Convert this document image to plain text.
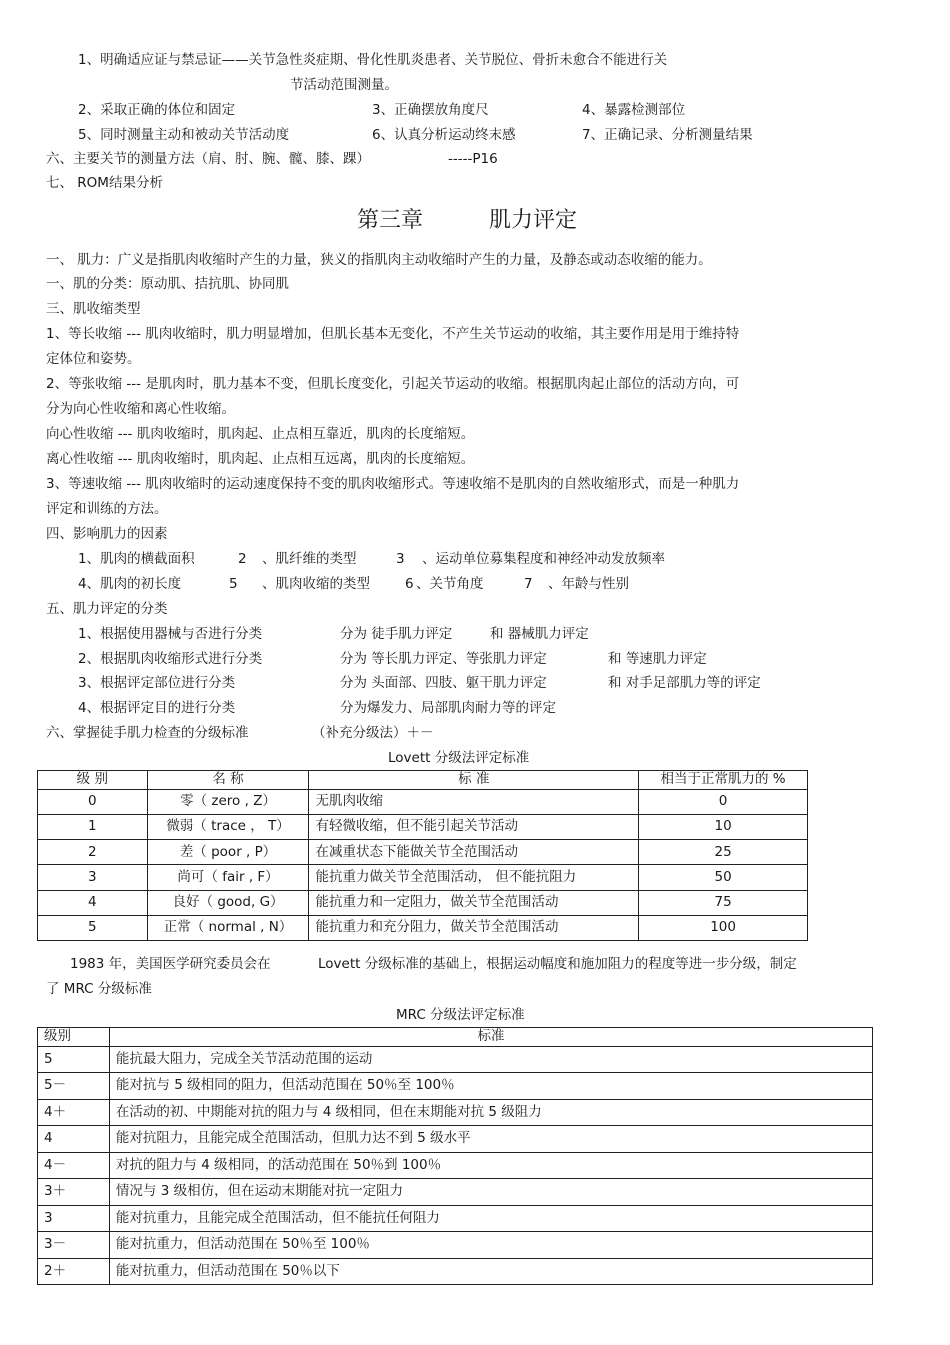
1、明确适应证与禁忌证——关节急性炎症期、骨化性肌炎患者、关节脱位、骨折未愈合不能进行关
节活动范围测量。
2、采取正确的体位和固定	3、正确摆放角度尺	4、暴露检测部位
5、同时测量主动和被动关节活动度	6、认真分析运动终末感	7、正确记录、分析测量结果
六、主要关节的测量方法（肩、肘、腕、髋、膝、踝）	-----P16
七、 ROM结果分析
第三章	肌力评定
一、 肌力：广义是指肌肉收缩时产生的力量，狭义的指肌肉主动收缩时产生的力量，及静态或动态收缩的能力。
一、肌的分类：原动肌、拮抗肌、协同肌
三、肌收缩类型
1、等长收缩 --- 肌肉收缩时，肌力明显增加，但肌长基本无变化，不产生关节运动的收缩，其主要作用是用于维持特
定体位和姿势。
2、等张收缩 --- 是肌肉时，肌力基本不变，但肌长度变化，引起关节运动的收缩。根据肌肉起止部位的活动方向，可
分为向心性收缩和离心性收缩。
向心性收缩 --- 肌肉收缩时，肌肉起、止点相互靠近，肌肉的长度缩短。
离心性收缩 --- 肌肉收缩时，肌肉起、止点相互远离，肌肉的长度缩短。
3、等速收缩 --- 肌肉收缩时的运动速度保持不变的肌肉收缩形式。等速收缩不是肌肉的自然收缩形式，而是一种肌力
评定和训练的方法。
四、影响肌力的因素
1、肌肉的横截面积	2 、肌纤维的类型	3 、运动单位募集程度和神经冲动发放频率
4、肌肉的初长度	5 、肌肉收缩的类型	6 、关节角度	7 、年龄与性别
五、肌力评定的分类
1、根据使用器械与否进行分类	分为 徒手肌力评定	和 器械肌力评定
2、根据肌肉收缩形式进行分类	分为 等长肌力评定、等张肌力评定	和 等速肌力评定
3、根据评定部位进行分类	分为 头面部、四肢、躯干肌力评定	和 对手足部肌力等的评定
4、根据评定目的进行分类	分为爆发力、局部肌肉耐力等的评定
六、掌握徒手肌力检查的分级标准	（补充分级法）＋－
Lovett 分级法评定标准
级 别	名 称	标 准	相当于正常肌力的 %
0	零（ zero , Z）	无肌肉收缩	0
1	微弱（ trace ， T）	有轻微收缩，但不能引起关节活动	10
2	差（ poor , P）	在减重状态下能做关节全范围活动	25
3	尚可（ fair , F）	能抗重力做关节全范围活动， 但不能抗阻力	50
4	良好（ good, G）	能抗重力和一定阻力，做关节全范围活动	75
5	正常（ normal , N）	能抗重力和充分阻力，做关节全范围活动	100
1983 年，美国医学研究委员会在	Lovett 分级标准的基础上，根据运动幅度和施加阻力的程度等进一步分级，制定
了 MRC 分级标准
MRC 分级法评定标准
级别	标准
5	能抗最大阻力，完成全关节活动范围的运动
5－	能对抗与 5 级相同的阻力，但活动范围在 50％至 100％
4＋	在活动的初、中期能对抗的阻力与 4 级相同，但在末期能对抗 5 级阻力
4	能对抗阻力，且能完成全范围活动，但肌力达不到 5 级水平
4－	对抗的阻力与 4 级相同，的活动范围在 50％到 100％
3＋	情况与 3 级相仿，但在运动末期能对抗一定阻力
3	能对抗重力，且能完成全范围活动，但不能抗任何阻力
3－	能对抗重力，但活动范围在 50％至 100％
2＋	能对抗重力，但活动范围在 50％以下
